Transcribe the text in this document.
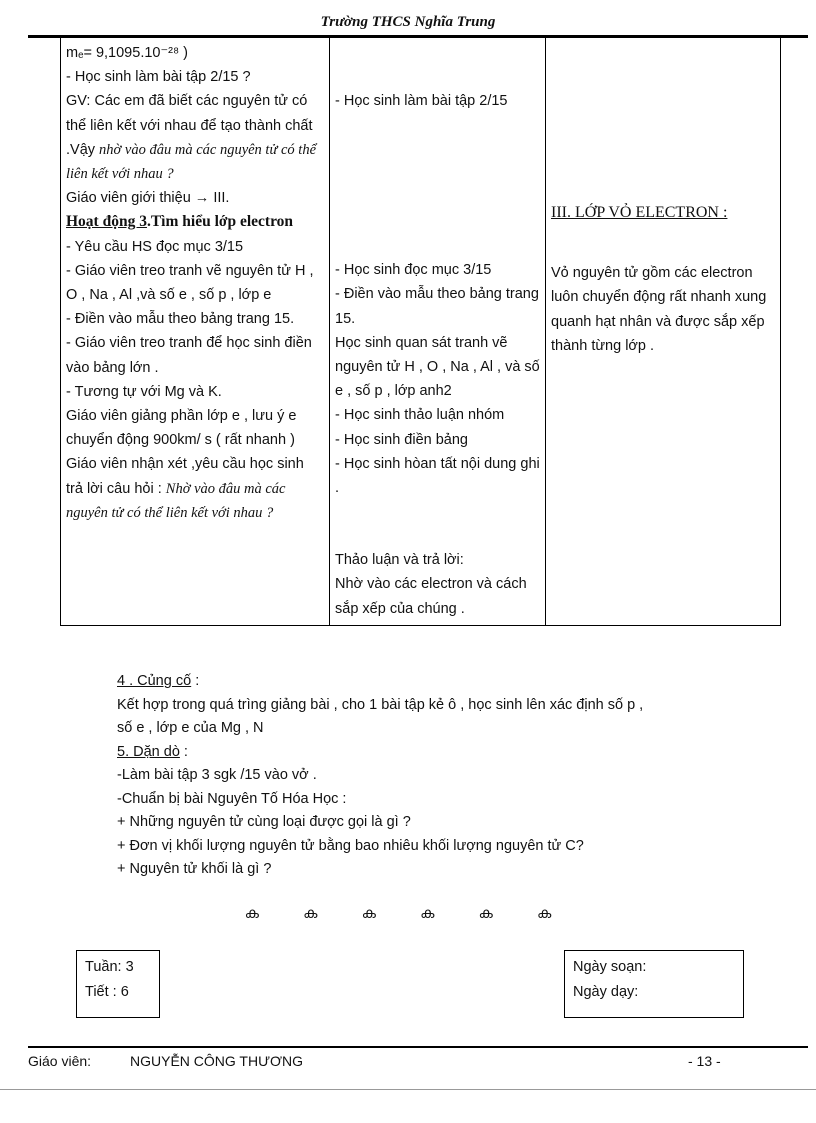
Trường THCS Nghĩa Trung
mₑ= 9,1095.10⁻²⁸ )
- Học sinh làm bài tập 2/15 ?
GV: Các em đã biết các nguyên tử có thể liên kết với nhau để tạo thành chất .Vậy nhờ vào đâu mà các nguyên tử có thể liên kết với nhau ?
Giáo viên giới thiệu → III.
Hoạt động 3.Tìm hiểu lớp electron
- Yêu cầu HS đọc mục 3/15
- Giáo viên treo tranh vẽ nguyên tử H , O , Na , Al ,và số e , số p , lớp e
- Điền vào mẫu theo bảng trang 15.
- Giáo viên treo tranh để học sinh điền vào bảng lớn .
- Tương tự với Mg và K.
Giáo viên giảng phần lớp e , lưu ý e chuyển động 900km/ s ( rất nhanh )
Giáo viên nhận xét ,yêu cầu học sinh trả lời câu hỏi : Nhờ vào đâu mà các nguyên tử có thể liên kết với nhau ?

- Học sinh làm bài tập 2/15
- Học sinh đọc mục 3/15
- Điền vào mẫu theo bảng trang 15.
Học sinh quan sát tranh vẽ nguyên tử H , O , Na , Al , và số e , số p , lớp anh2
- Học sinh thảo luận nhóm
- Học sinh điền bảng
- Học sinh hòan tất nội dung ghi .
Thảo luận và trả lời:
Nhờ vào các electron và cách sắp xếp của chúng .

III. LỚP VỎ ELECTRON :
Vỏ nguyên tử gồm các electron luôn chuyển động rất nhanh xung quanh hạt nhân và được sắp xếp thành từng lớp .
4 . Củng cố :
Kết hợp trong quá trìng giảng bài , cho 1 bài tập kẻ ô , học sinh lên xác định số p ,
số e , lớp e của Mg , N
5. Dặn dò :
-Làm bài tập 3 sgk /15 vào vở .
-Chuẩn bị bài Nguyên Tố Hóa Học :
+ Những nguyên tử cùng loại được gọi là gì ?
+ Đơn vị khối lượng nguyên tử bằng bao nhiêu khối lượng nguyên tử C?
+ Nguyên tử khối là gì ?
ക ക ക ക ക ക
Tuần: 3
Tiết : 6
Ngày soạn:
Ngày dạy:
Giáo viên:	NGUYỄN CÔNG THƯƠNG	- 13 -
